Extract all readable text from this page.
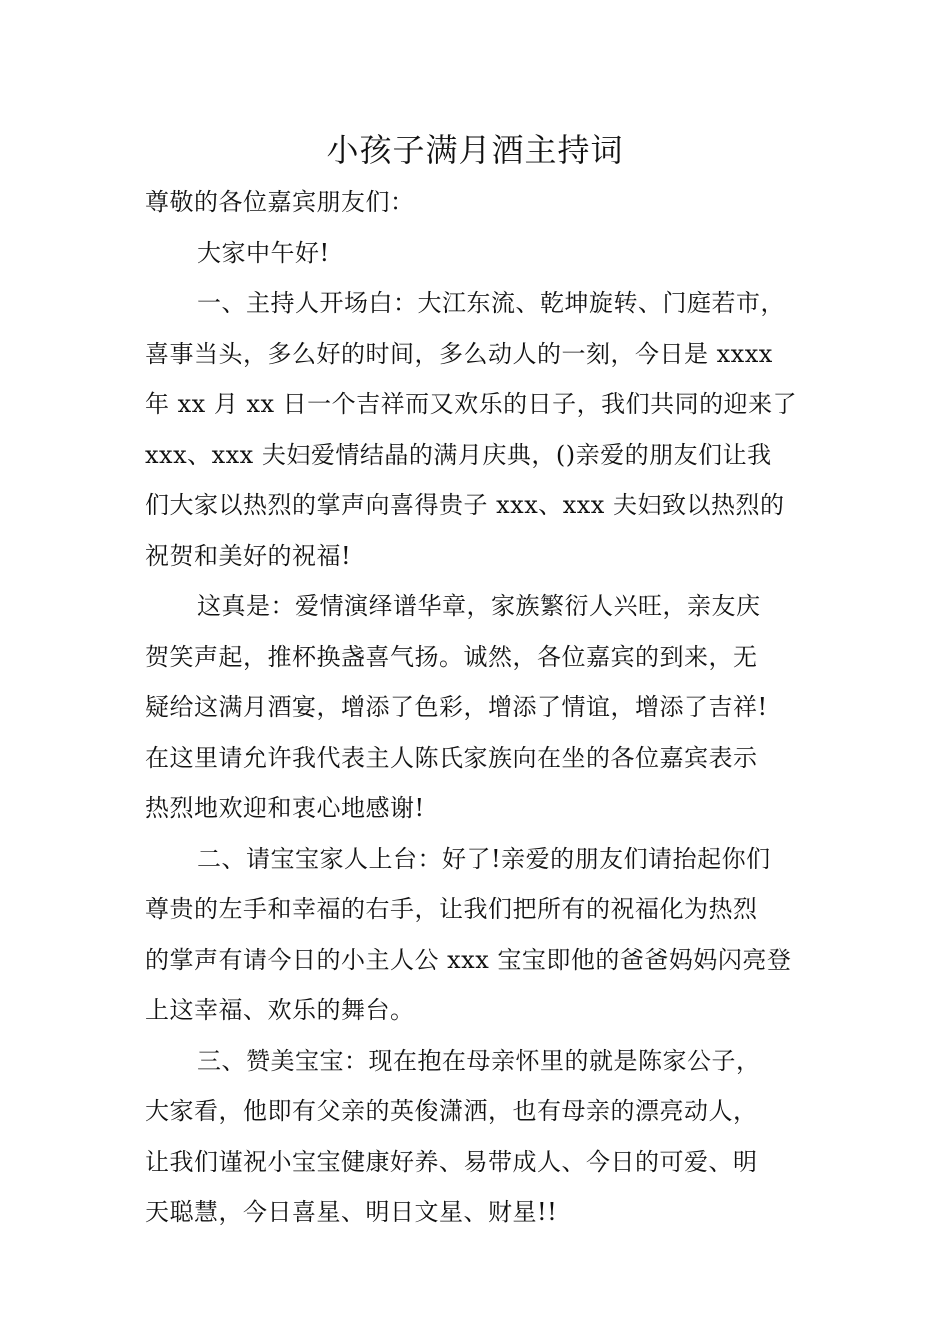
小孩子满月酒主持词
尊敬的各位嘉宾朋友们：
大家中午好!
一、主持人开场白：大江东流、乾坤旋转、门庭若市，
喜事当头，多么好的时间，多么动人的一刻，今日是 xxxx
年 xx 月 xx 日一个吉祥而又欢乐的日子，我们共同的迎来了
xxx、xxx 夫妇爱情结晶的满月庆典，()亲爱的朋友们让我
们大家以热烈的掌声向喜得贵子 xxx、xxx 夫妇致以热烈的
祝贺和美好的祝福!
这真是：爱情演绎谱华章，家族繁衍人兴旺，亲友庆
贺笑声起，推杯换盏喜气扬。诚然，各位嘉宾的到来，无
疑给这满月酒宴，增添了色彩，增添了情谊，增添了吉祥!
在这里请允许我代表主人陈氏家族向在坐的各位嘉宾表示
热烈地欢迎和衷心地感谢!
二、请宝宝家人上台：好了!亲爱的朋友们请抬起你们
尊贵的左手和幸福的右手，让我们把所有的祝福化为热烈
的掌声有请今日的小主人公 xxx 宝宝即他的爸爸妈妈闪亮登
上这幸福、欢乐的舞台。
三、赞美宝宝：现在抱在母亲怀里的就是陈家公子，
大家看，他即有父亲的英俊潇洒，也有母亲的漂亮动人，
让我们谨祝小宝宝健康好养、易带成人、今日的可爱、明
天聪慧，今日喜星、明日文星、财星!!
